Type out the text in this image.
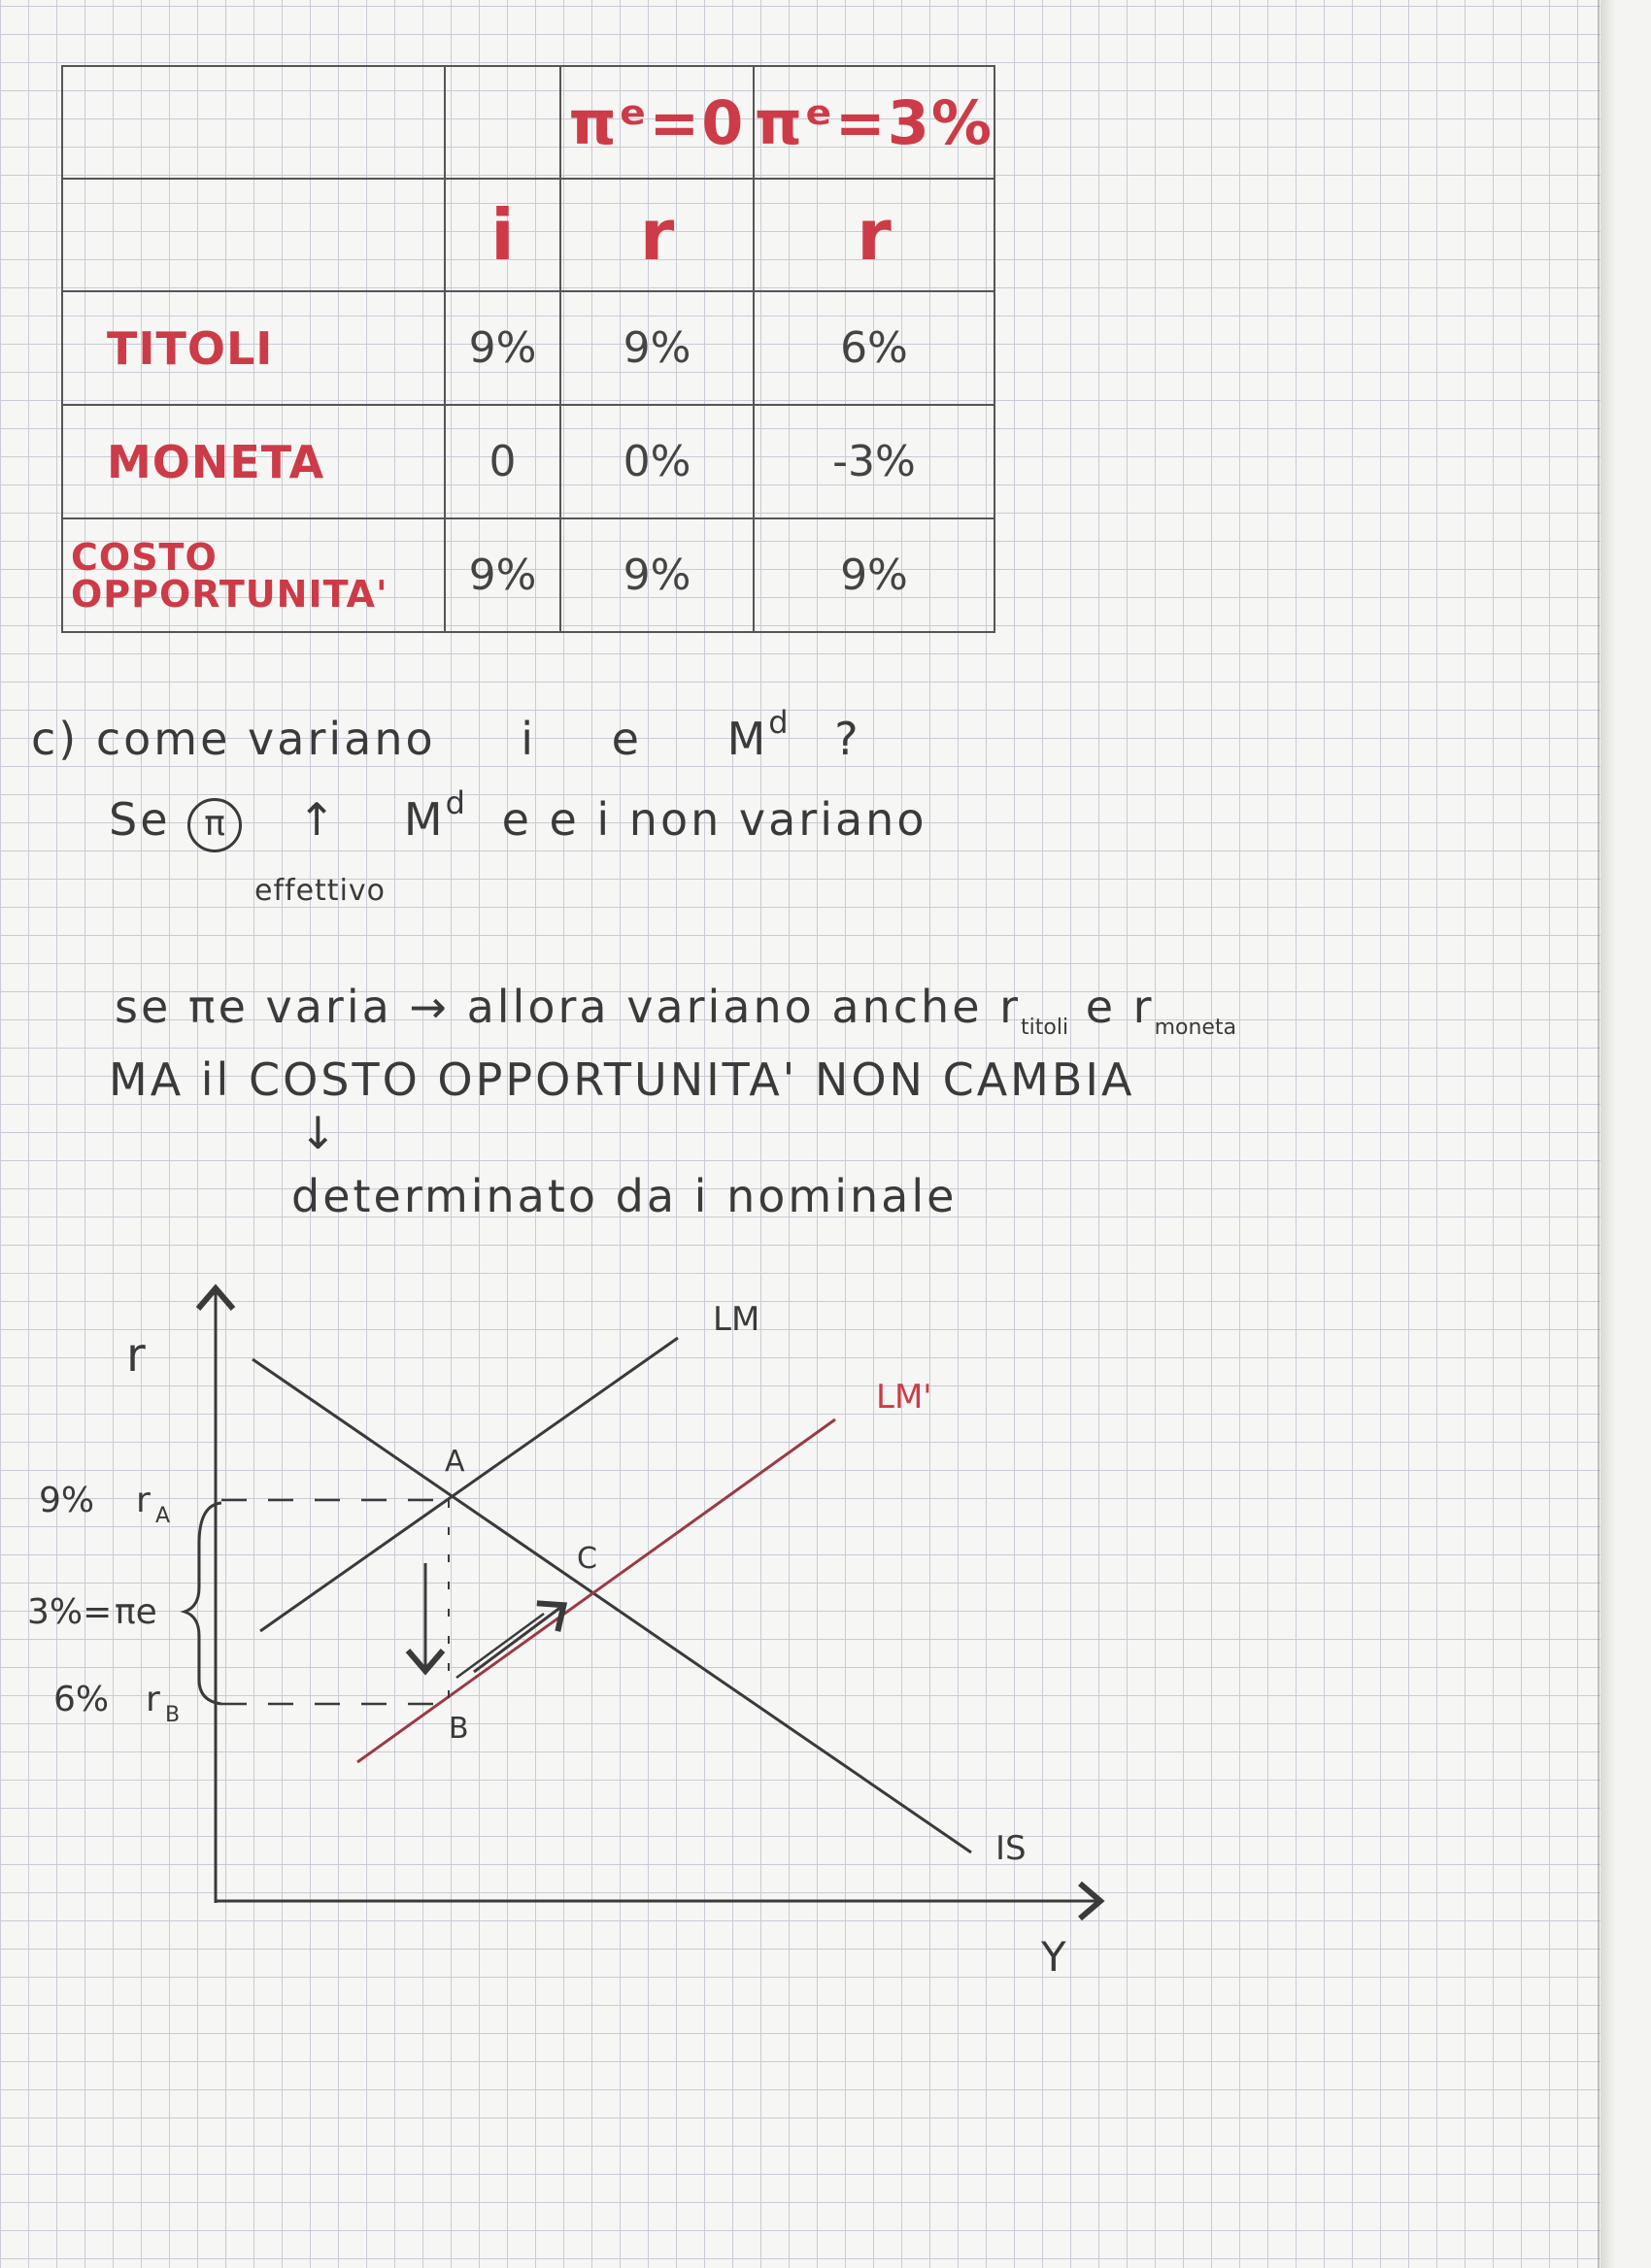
		πᵉ=0	πᵉ=3%
	i	r	r
TITOLI	9%	9%	6%
MONETA	0	0%	-3%
COSTO OPPORTUNITA'	9%	9%	9%
c) come variano i e $M^d$ ?
Se π ↑ $M^d$ e e i non variano
effettivo
se πe varia → allora variano anche $r_{titoli}$ e $r_{moneta}$
MA il COSTO OPPORTUNITA' NON CAMBIA
↓
determinato da i nominale
r
Y
LM
LM'
IS
A
B
C
9% r A
3%= πe
6% r B
